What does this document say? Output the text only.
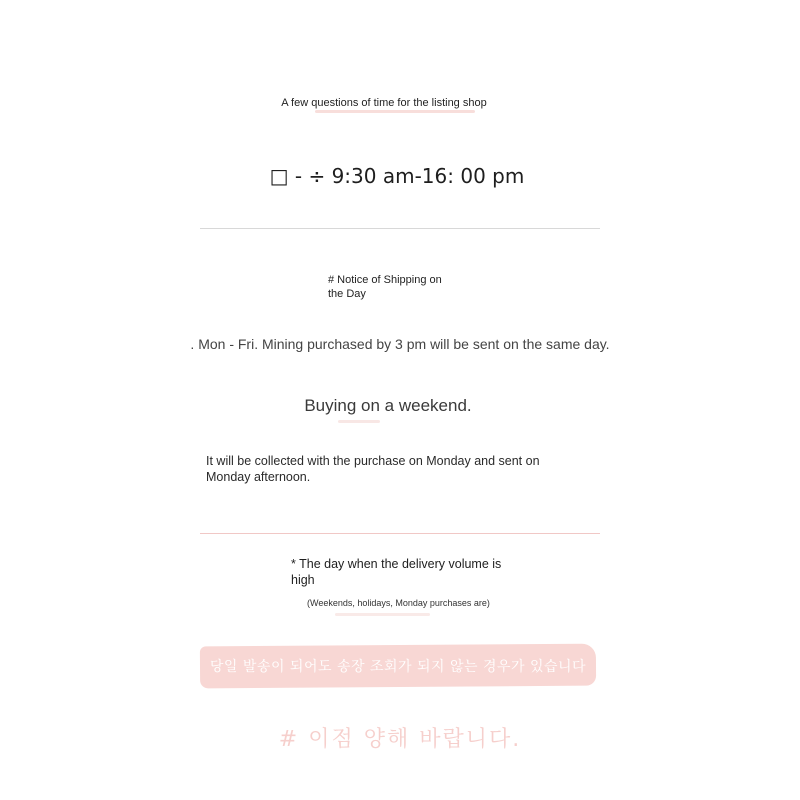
A few questions of time for the listing shop
□ - ÷ 9:30 am-16: 00 pm
# Notice of Shipping on the Day
. Mon - Fri. Mining purchased by 3 pm will be sent on the same day.
Buying on a weekend.
It will be collected with the purchase on Monday and sent on Monday afternoon.
* The day when the delivery volume is high
(Weekends, holidays, Monday purchases are)
당일 발송이 되어도 송장 조회가 되지 않는 경우가 있습니다
# 이점 양해 바랍니다.
